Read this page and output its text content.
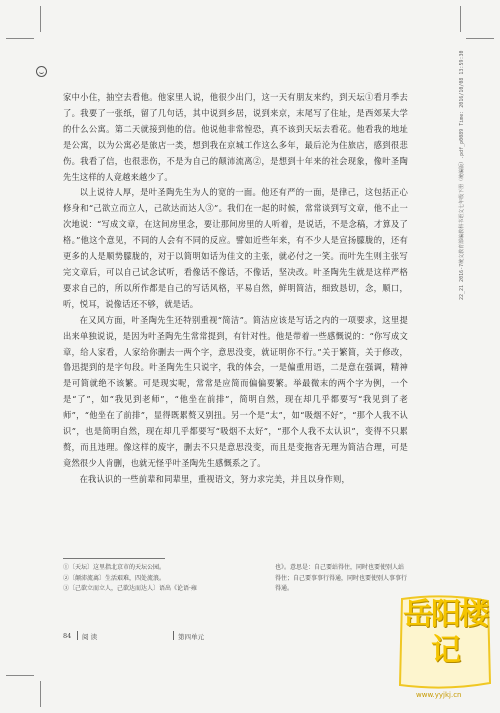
家中小住，抽空去看他。他家里人说，他很少出门，这一天有朋友来约，到天坛①看月季去了。我要了一张纸，留了几句话，其中说到乡居，说到来京，末尾写了住址，是西郊某大学的什么公寓。第二天就接到他的信。他说他非常惶恐，真不该到天坛去看花。他看我的地址是公寓，以为公寓必是旅店一类，想到我在京城工作这么多年，最后沦为住旅店，感到很悲伤。我看了信，也很悲伤，不是为自己的颠沛流离②，是想到十年来的社会现象，像叶圣陶先生这样的人竟越来越少了。

以上说待人厚，是叶圣陶先生为人的宽的一面。他还有严的一面，是律己，这包括正心修身和“己欲立而立人，己欲达而达人③”。我们在一起的时候，常常谈到写文章，他不止一次地说：“写成文章，在这间房里念，要让那间房里的人听着，是说话，不是念稿，才算及了格。”他这个意见，不同的人会有不同的反应。譬如近些年来，有不少人是宣扬朦胧的，还有更多的人是顺势朦胧的，对于以简明如话为佳文的主张，就必付之一笑。而叶先生则主张写完文章后，可以自己试念试听，看像话不像话，不像话，坚决改。叶圣陶先生就是这样严格要求自己的，所以所作都是自己的写话风格，平易自然，鲜明简洁，细致恳切，念，顺口，听，悦耳，说像话还不够，就是话。

在又风方面，叶圣陶先生还特别重视“简洁”。简洁应该是写话之内的一项要求，这里提出来单独说说，是因为叶圣陶先生常常提到，有针对性。他是带着一些感慨说的：“你写成文章，给人家看，人家给你删去一两个字，意思没变，就证明你不行。”关于繁简，关于修改，鲁迅提到的是字句段。叶圣陶先生只说字，我的体会，一是偏重用语，二是意在强调，精神是可简就绝不该繁。可是现实呢，常常是应简而偏偏要繁。举最微末的两个字为例，一个是“了”，如“我见到老师”，“他坐在前排”，简明自然，现在却几乎都要写“我见到了老师”，“他坐在了前排”，显得既累赘又别扭。另一个是“太”，如“吸烟不好”，“那个人我不认识”，也是简明自然，现在却几乎都要写“吸烟不太好”，“那个人我不太认识”，变得不只累赘，而且违理。像这样的废字，删去不只是意思没变，而且是变拖沓无理为简洁合理，可是竟然很少人肯删，也就无怪乎叶圣陶先生感慨系之了。

在我认识的一些前辈和同辈里，重视语文，努力求完美，并且以身作则，

①〔天坛〕这里指北京市的天坛公园。
②〔颠沛流离〕生活艰难，四处流浪。
③〔己欲立而立人，己欲达而达人〕语出《论语·雍
也》。意思是：自己要站得住，同时也要使别人站得住；自己要事事行得通，同时也要使别人事事行得通。
84 阅 读	第四单元
22_21 2016-7统文教育部编教科书语文七年级下册（统编版）.pdf_p0089 Time: 2016/10/08 13:59:30
岳阳楼记
www.yyjkj.cn
